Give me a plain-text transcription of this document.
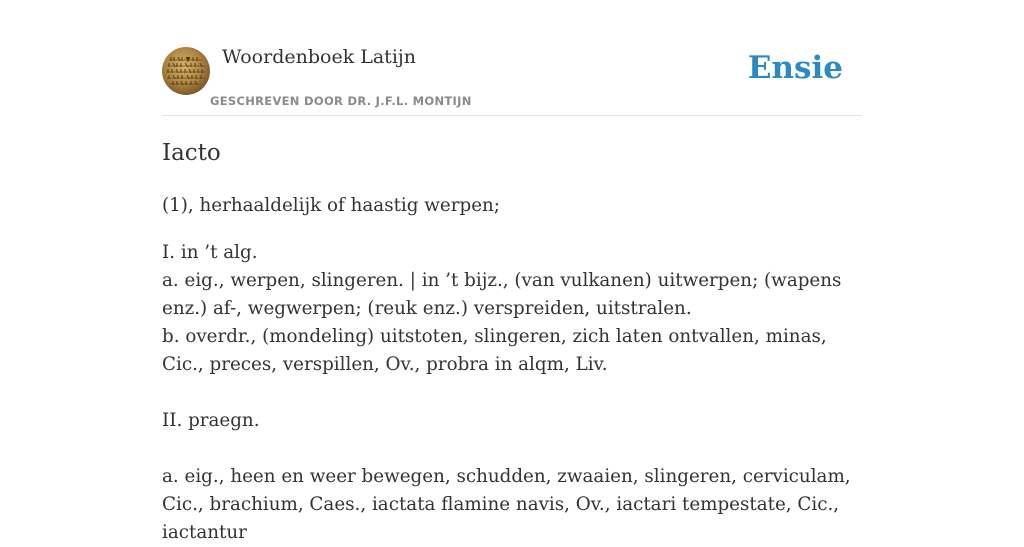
Woordenboek Latijn
GESCHREVEN DOOR DR. J.F.L. MONTIJN
Ensie
Iacto

(1), herhaaldelijk of haastig werpen;

I. in ’t alg.

a. eig., werpen, slingeren. | in ’t bijz., (van vulkanen) uitwerpen; (wapens enz.) af-, wegwerpen; (reuk enz.) verspreiden, uitstralen.

b. overdr., (mondeling) uitstoten, slingeren, zich laten ontvallen, minas, Cic., preces, verspillen, Ov., probra in alqm, Liv.

II. praegn.

a. eig., heen en weer bewegen, schudden, zwaaien, slingeren, cerviculam, Cic., brachium, Caes., iactata flamine navis, Ov., iactari tempestate, Cic., iactantur
